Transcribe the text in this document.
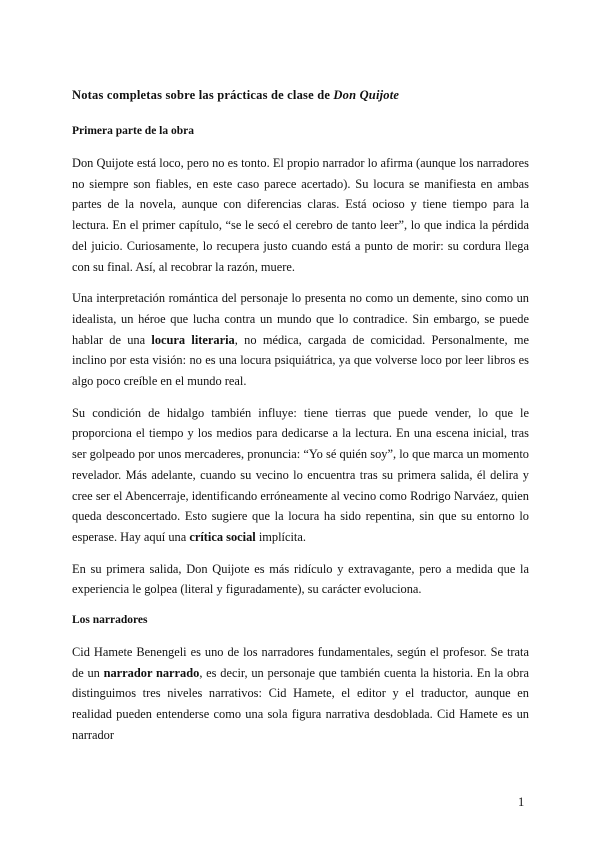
Notas completas sobre las prácticas de clase de Don Quijote
Primera parte de la obra

Don Quijote está loco, pero no es tonto. El propio narrador lo afirma (aunque los narradores no siempre son fiables, en este caso parece acertado). Su locura se manifiesta en ambas partes de la novela, aunque con diferencias claras. Está ocioso y tiene tiempo para la lectura. En el primer capítulo, “se le secó el cerebro de tanto leer”, lo que indica la pérdida del juicio. Curiosamente, lo recupera justo cuando está a punto de morir: su cordura llega con su final. Así, al recobrar la razón, muere.

Una interpretación romántica del personaje lo presenta no como un demente, sino como un idealista, un héroe que lucha contra un mundo que lo contradice. Sin embargo, se puede hablar de una locura literaria, no médica, cargada de comicidad. Personalmente, me inclino por esta visión: no es una locura psiquiátrica, ya que volverse loco por leer libros es algo poco creíble en el mundo real.

Su condición de hidalgo también influye: tiene tierras que puede vender, lo que le proporciona el tiempo y los medios para dedicarse a la lectura. En una escena inicial, tras ser golpeado por unos mercaderes, pronuncia: “Yo sé quién soy”, lo que marca un momento revelador. Más adelante, cuando su vecino lo encuentra tras su primera salida, él delira y cree ser el Abencerraje, identificando erróneamente al vecino como Rodrigo Narváez, quien queda desconcertado. Esto sugiere que la locura ha sido repentina, sin que su entorno lo esperase. Hay aquí una crítica social implícita.

En su primera salida, Don Quijote es más ridículo y extravagante, pero a medida que la experiencia le golpea (literal y figuradamente), su carácter evoluciona.

Los narradores

Cid Hamete Benengeli es uno de los narradores fundamentales, según el profesor. Se trata de un narrador narrado, es decir, un personaje que también cuenta la historia. En la obra distinguimos tres niveles narrativos: Cid Hamete, el editor y el traductor, aunque en realidad pueden entenderse como una sola figura narrativa desdoblada. Cid Hamete es un narrador

1
